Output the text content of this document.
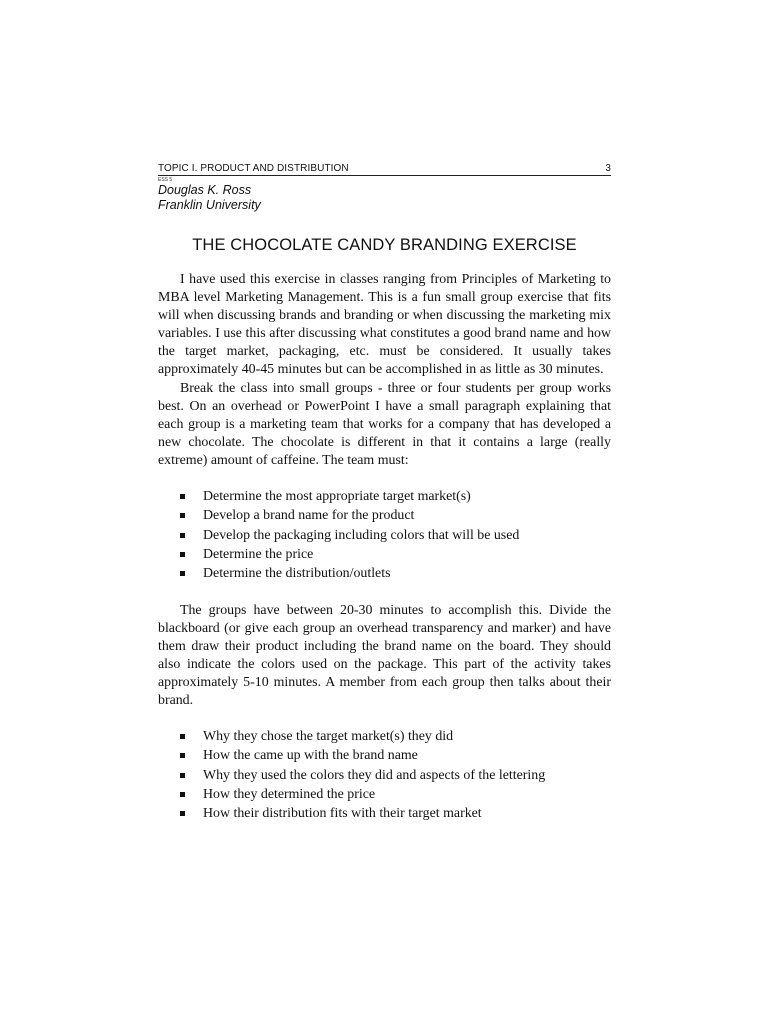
TOPIC I. PRODUCT AND DISTRIBUTION	3
ESS 5
Douglas K. Ross
Franklin University
THE CHOCOLATE CANDY BRANDING EXERCISE

I have used this exercise in classes ranging from Principles of Marketing to MBA level Marketing Management. This is a fun small group exercise that fits will when discussing brands and branding or when discussing the marketing mix variables. I use this after discussing what constitutes a good brand name and how the target market, packaging, etc. must be considered. It usually takes approximately 40-45 minutes but can be accomplished in as little as 30 minutes.

Break the class into small groups - three or four students per group works best. On an overhead or PowerPoint I have a small paragraph explaining that each group is a marketing team that works for a company that has developed a new chocolate. The chocolate is different in that it contains a large (really extreme) amount of caffeine. The team must:

Determine the most appropriate target market(s)
Develop a brand name for the product
Develop the packaging including colors that will be used
Determine the price
Determine the distribution/outlets

The groups have between 20-30 minutes to accomplish this. Divide the blackboard (or give each group an overhead transparency and marker) and have them draw their product including the brand name on the board. They should also indicate the colors used on the package. This part of the activity takes approximately 5-10 minutes. A member from each group then talks about their brand.

Why they chose the target market(s) they did
How the came up with the brand name
Why they used the colors they did and aspects of the lettering
How they determined the price
How their distribution fits with their target market
